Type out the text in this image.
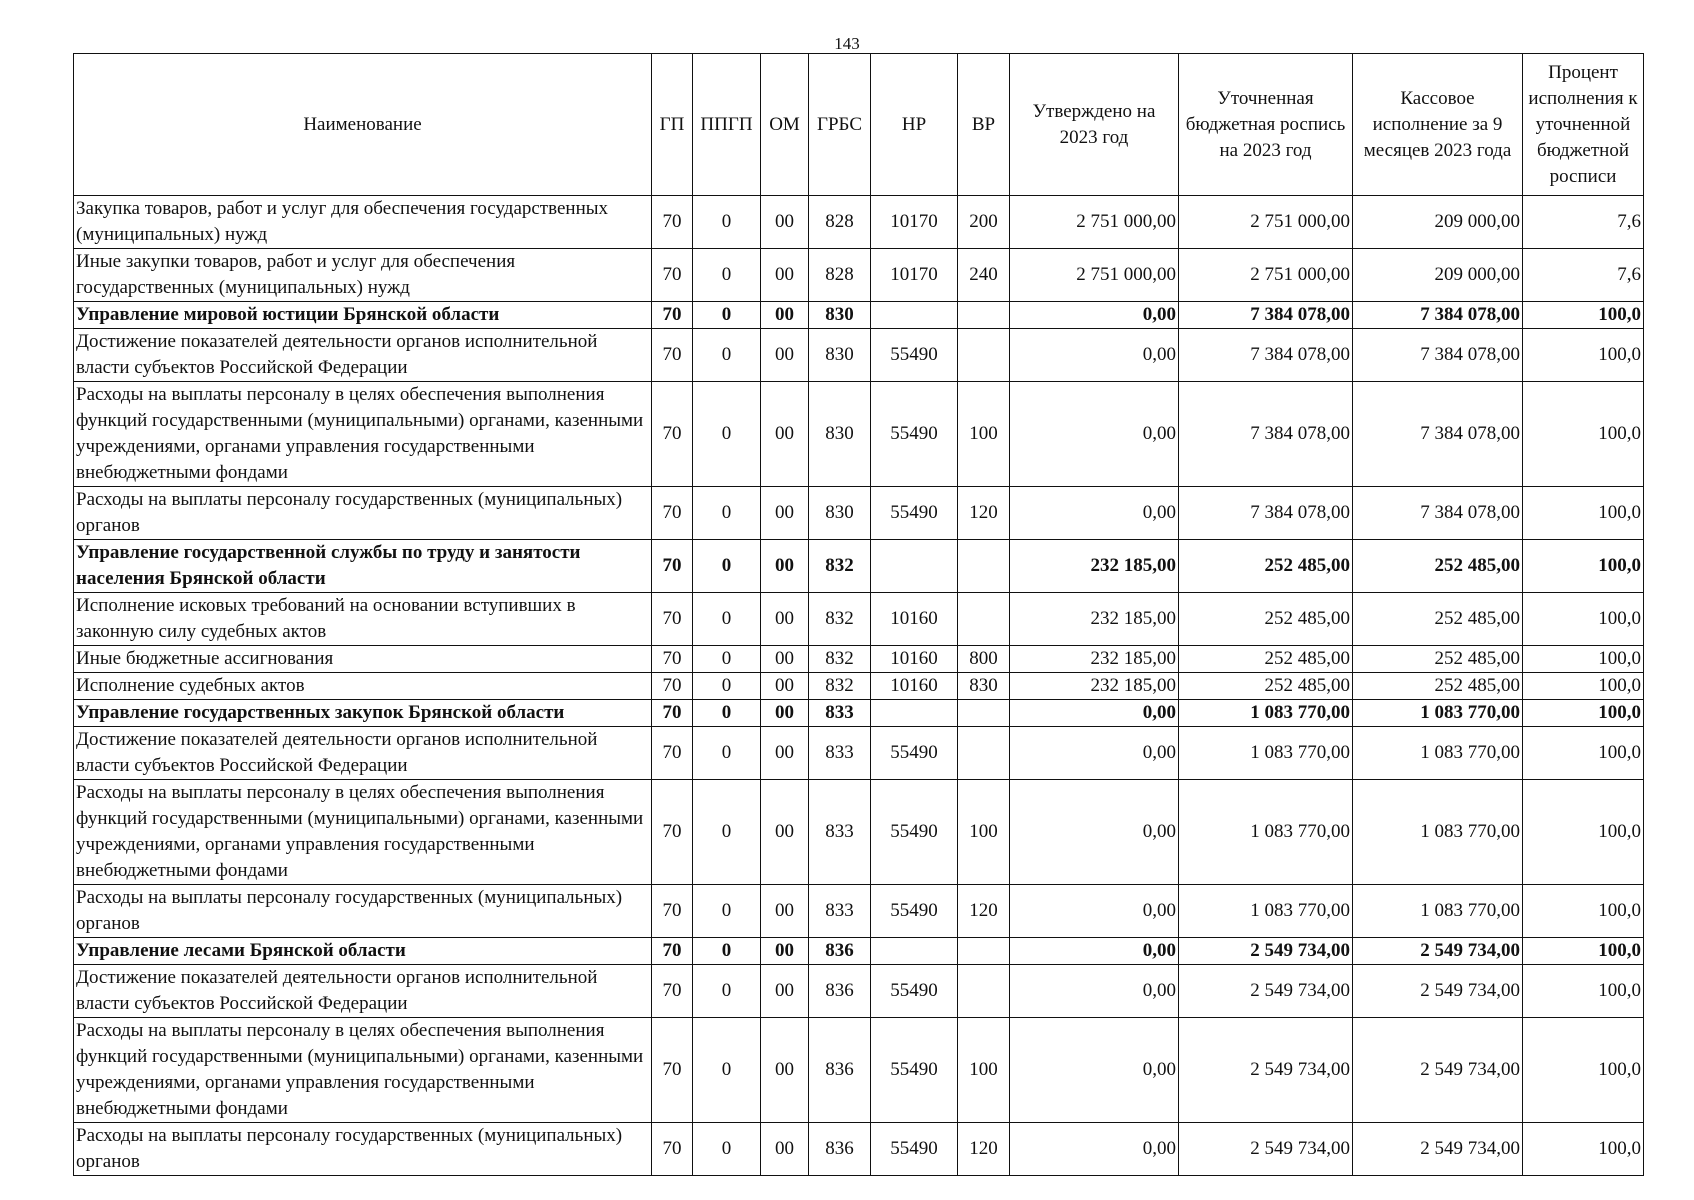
143
Наименование	ГП	ППГП	ОМ	ГРБС	НР	ВР	Утверждено на 2023 год	Уточненная бюджетная роспись на 2023 год	Кассовое исполнение за 9 месяцев 2023 года	Процент исполнения к уточненной бюджетной росписи
Закупка товаров, работ и услуг для обеспечения государственных (муниципальных) нужд	70	0	00	828	10170	200	2 751 000,00	2 751 000,00	209 000,00	7,6
Иные закупки товаров, работ и услуг для обеспечения государственных (муниципальных) нужд	70	0	00	828	10170	240	2 751 000,00	2 751 000,00	209 000,00	7,6
Управление мировой юстиции Брянской области	70	0	00	830			0,00	7 384 078,00	7 384 078,00	100,0
Достижение показателей деятельности органов исполнительной власти субъектов Российской Федерации	70	0	00	830	55490		0,00	7 384 078,00	7 384 078,00	100,0
Расходы на выплаты персоналу в целях обеспечения выполнения функций государственными (муниципальными) органами, казенными учреждениями, органами управления государственными внебюджетными фондами	70	0	00	830	55490	100	0,00	7 384 078,00	7 384 078,00	100,0
Расходы на выплаты персоналу государственных (муниципальных) органов	70	0	00	830	55490	120	0,00	7 384 078,00	7 384 078,00	100,0
Управление государственной службы по труду и занятости населения Брянской области	70	0	00	832			232 185,00	252 485,00	252 485,00	100,0
Исполнение исковых требований на основании вступивших в законную силу судебных актов	70	0	00	832	10160		232 185,00	252 485,00	252 485,00	100,0
Иные бюджетные ассигнования	70	0	00	832	10160	800	232 185,00	252 485,00	252 485,00	100,0
Исполнение судебных актов	70	0	00	832	10160	830	232 185,00	252 485,00	252 485,00	100,0
Управление государственных закупок Брянской области	70	0	00	833			0,00	1 083 770,00	1 083 770,00	100,0
Достижение показателей деятельности органов исполнительной власти субъектов Российской Федерации	70	0	00	833	55490		0,00	1 083 770,00	1 083 770,00	100,0
Расходы на выплаты персоналу в целях обеспечения выполнения функций государственными (муниципальными) органами, казенными учреждениями, органами управления государственными внебюджетными фондами	70	0	00	833	55490	100	0,00	1 083 770,00	1 083 770,00	100,0
Расходы на выплаты персоналу государственных (муниципальных) органов	70	0	00	833	55490	120	0,00	1 083 770,00	1 083 770,00	100,0
Управление лесами Брянской области	70	0	00	836			0,00	2 549 734,00	2 549 734,00	100,0
Достижение показателей деятельности органов исполнительной власти субъектов Российской Федерации	70	0	00	836	55490		0,00	2 549 734,00	2 549 734,00	100,0
Расходы на выплаты персоналу в целях обеспечения выполнения функций государственными (муниципальными) органами, казенными учреждениями, органами управления государственными внебюджетными фондами	70	0	00	836	55490	100	0,00	2 549 734,00	2 549 734,00	100,0
Расходы на выплаты персоналу государственных (муниципальных) органов	70	0	00	836	55490	120	0,00	2 549 734,00	2 549 734,00	100,0
